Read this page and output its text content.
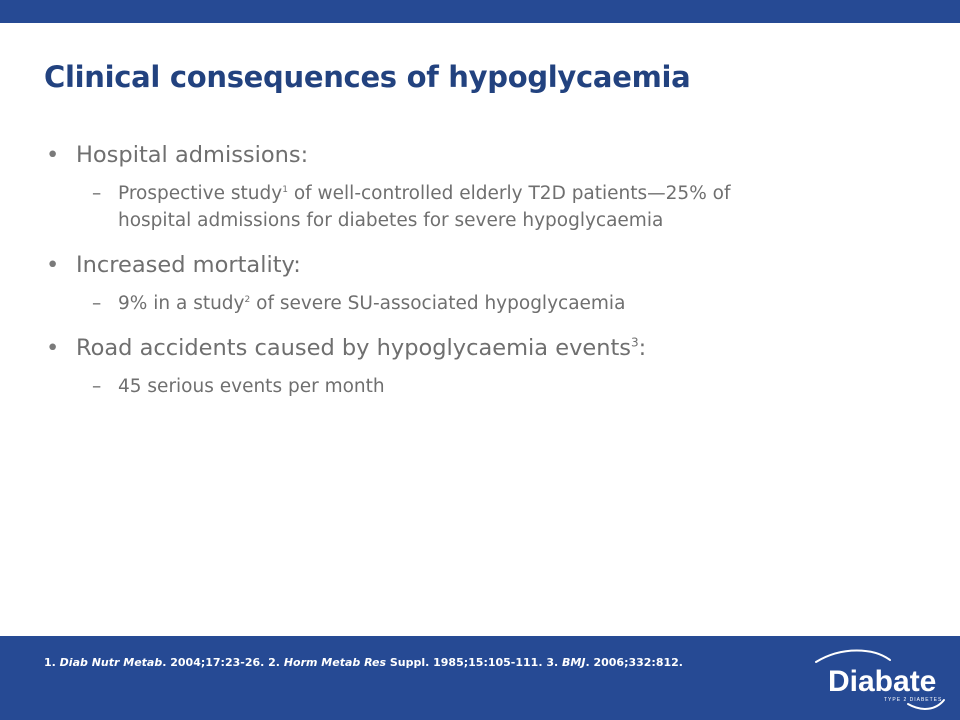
Clinical consequences of hypoglycaemia
• Hospital admissions:
– Prospective study$^1$ of well-controlled elderly T2D patients—25% of
hospital admissions for diabetes for severe hypoglycaemia
• Increased mortality:
– 9% in a study$^2$ of severe SU-associated hypoglycaemia
• Road accidents caused by hypoglycaemia events$^3$:
– 45 serious events per month
1. Diab Nutr Metab. 2004;17:23-26. 2. Horm Metab Res Suppl. 1985;15:105-111. 3. BMJ. 2006;332:812.
Diabate
TYPE 2 DIABETES
